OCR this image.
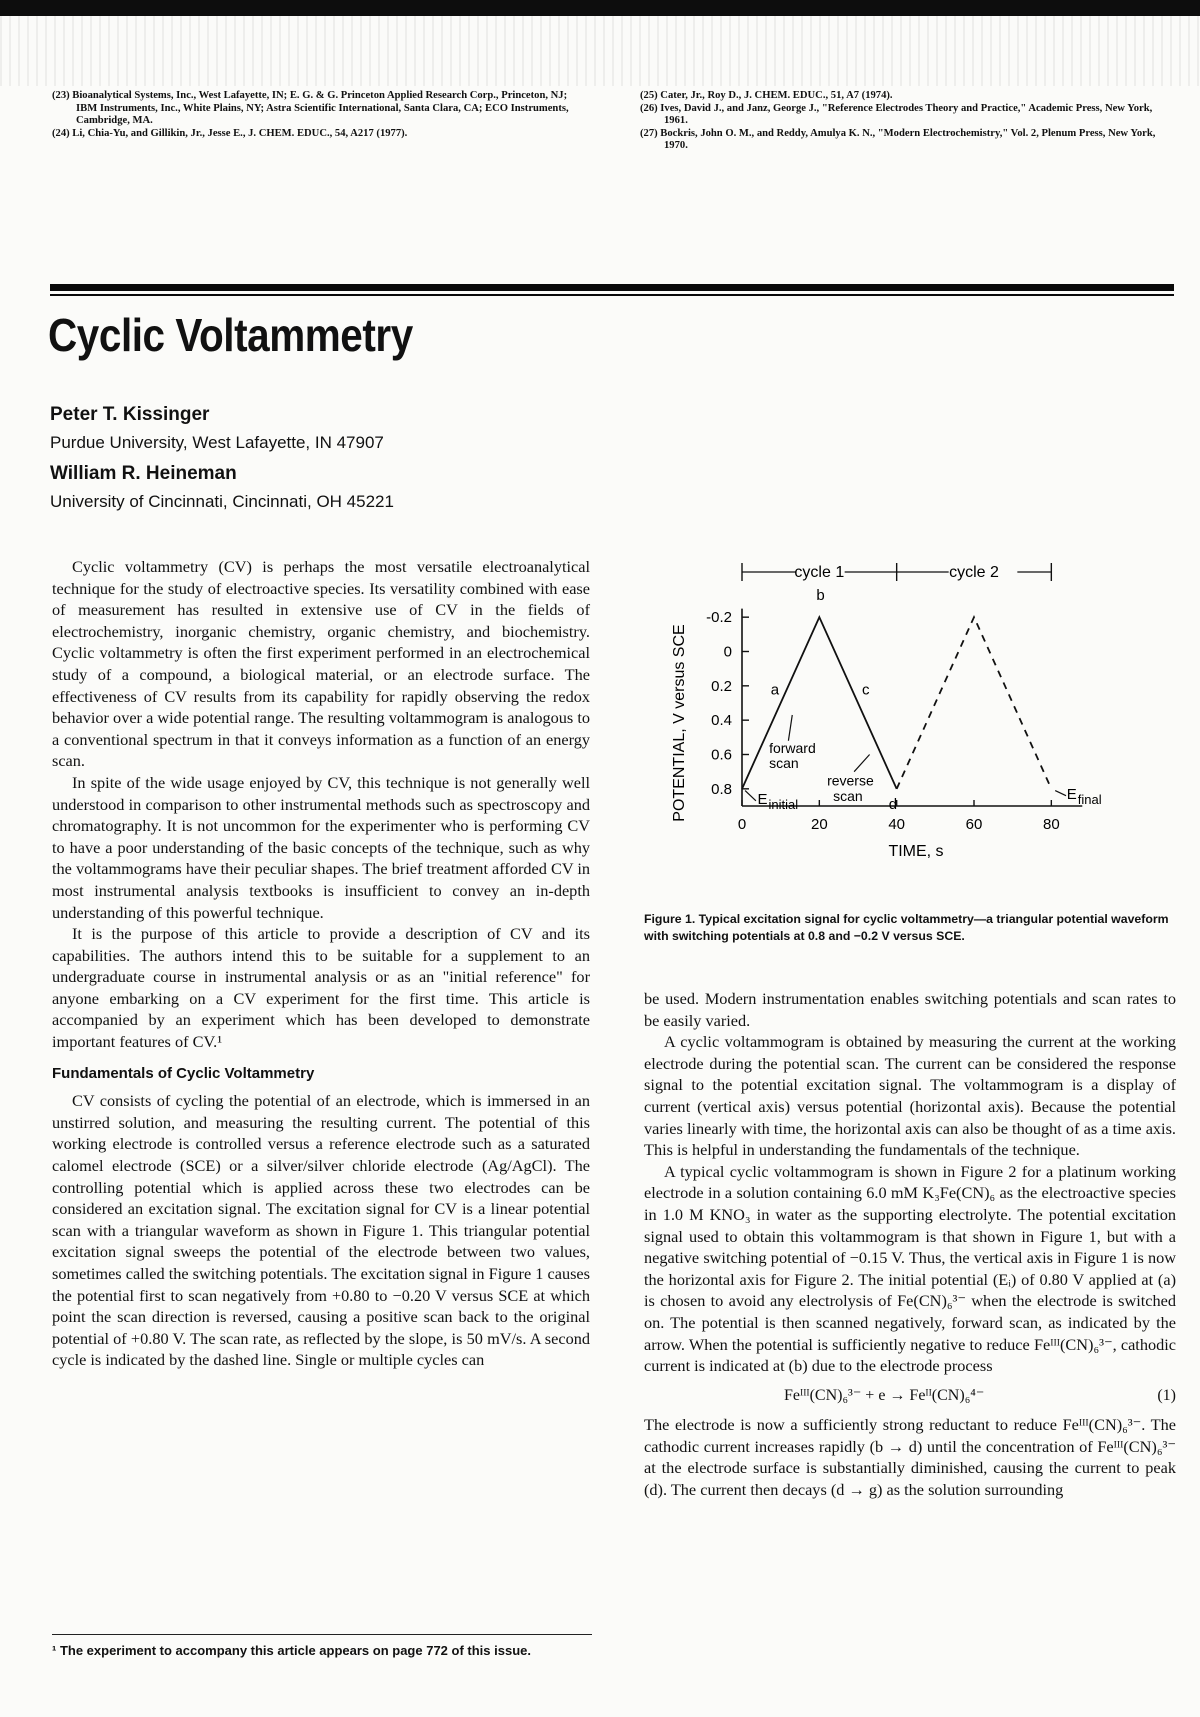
(23) Bioanalytical Systems, Inc., West Lafayette, IN; E. G. & G. Princeton Applied Research Corp., Princeton, NJ; IBM Instruments, Inc., White Plains, NY; Astra Scientific International, Santa Clara, CA; ECO Instruments, Cambridge, MA.
(24) Li, Chia-Yu, and Gillikin, Jr., Jesse E., J. CHEM. EDUC., 54, A217 (1977).
(25) Cater, Jr., Roy D., J. CHEM. EDUC., 51, A7 (1974).
(26) Ives, David J., and Janz, George J., "Reference Electrodes Theory and Practice," Academic Press, New York, 1961.
(27) Bockris, John O. M., and Reddy, Amulya K. N., "Modern Electrochemistry," Vol. 2, Plenum Press, New York, 1970.
Cyclic Voltammetry
Peter T. Kissinger
Purdue University, West Lafayette, IN 47907
William R. Heineman
University of Cincinnati, Cincinnati, OH 45221

Cyclic voltammetry (CV) is perhaps the most versatile electroanalytical technique for the study of electroactive species. Its versatility combined with ease of measurement has resulted in extensive use of CV in the fields of electrochemistry, inorganic chemistry, organic chemistry, and biochemistry. Cyclic voltammetry is often the first experiment performed in an electrochemical study of a compound, a biological material, or an electrode surface. The effectiveness of CV results from its capability for rapidly observing the redox behavior over a wide potential range. The resulting voltammogram is analogous to a conventional spectrum in that it conveys information as a function of an energy scan.

In spite of the wide usage enjoyed by CV, this technique is not generally well understood in comparison to other instrumental methods such as spectroscopy and chromatography. It is not uncommon for the experimenter who is performing CV to have a poor understanding of the basic concepts of the technique, such as why the voltammograms have their peculiar shapes. The brief treatment afforded CV in most instrumental analysis textbooks is insufficient to convey an in-depth understanding of this powerful technique.

It is the purpose of this article to provide a description of CV and its capabilities. The authors intend this to be suitable for a supplement to an undergraduate course in instrumental analysis or as an "initial reference" for anyone embarking on a CV experiment for the first time. This article is accompanied by an experiment which has been developed to demonstrate important features of CV.¹

Fundamentals of Cyclic Voltammetry

CV consists of cycling the potential of an electrode, which is immersed in an unstirred solution, and measuring the resulting current. The potential of this working electrode is controlled versus a reference electrode such as a saturated calomel electrode (SCE) or a silver/silver chloride electrode (Ag/AgCl). The controlling potential which is applied across these two electrodes can be considered an excitation signal. The excitation signal for CV is a linear potential scan with a triangular waveform as shown in Figure 1. This triangular potential excitation signal sweeps the potential of the electrode between two values, sometimes called the switching potentials. The excitation signal in Figure 1 causes the potential first to scan negatively from +0.80 to −0.20 V versus SCE at which point the scan direction is reversed, causing a positive scan back to the original potential of +0.80 V. The scan rate, as reflected by the slope, is 50 mV/s. A second cycle is indicated by the dashed line. Single or multiple cycles can

¹ The experiment to accompany this article appears on page 772 of this issue.
-0.2
0
0.2
0.4
0.6
0.8
0	20	40	60	80
TIME, s
POTENTIAL, V versus SCE
cycle 1	cycle 2
a
b
c
d
forward
scan
reverse
scan
E initial
E final
Figure 1. Typical excitation signal for cyclic voltammetry—a triangular potential waveform with switching potentials at 0.8 and −0.2 V versus SCE.

be used. Modern instrumentation enables switching potentials and scan rates to be easily varied.

A cyclic voltammogram is obtained by measuring the current at the working electrode during the potential scan. The current can be considered the response signal to the potential excitation signal. The voltammogram is a display of current (vertical axis) versus potential (horizontal axis). Because the potential varies linearly with time, the horizontal axis can also be thought of as a time axis. This is helpful in understanding the fundamentals of the technique.

A typical cyclic voltammogram is shown in Figure 2 for a platinum working electrode in a solution containing 6.0 mM K₃Fe(CN)₆ as the electroactive species in 1.0 M KNO₃ in water as the supporting electrolyte. The potential excitation signal used to obtain this voltammogram is that shown in Figure 1, but with a negative switching potential of −0.15 V. Thus, the vertical axis in Figure 1 is now the horizontal axis for Figure 2. The initial potential (Eᵢ) of 0.80 V applied at (a) is chosen to avoid any electrolysis of Fe(CN)₆³⁻ when the electrode is switched on. The potential is then scanned negatively, forward scan, as indicated by the arrow. When the potential is sufficiently negative to reduce Feᴵᴵᴵ(CN)₆³⁻, cathodic current is indicated at (b) due to the electrode process

Feᴵᴵᴵ(CN)₆³⁻ + e → Feᴵᴵ(CN)₆⁴⁻	(1)

The electrode is now a sufficiently strong reductant to reduce Feᴵᴵᴵ(CN)₆³⁻. The cathodic current increases rapidly (b → d) until the concentration of Feᴵᴵᴵ(CN)₆³⁻ at the electrode surface is substantially diminished, causing the current to peak (d). The current then decays (d → g) as the solution surrounding
